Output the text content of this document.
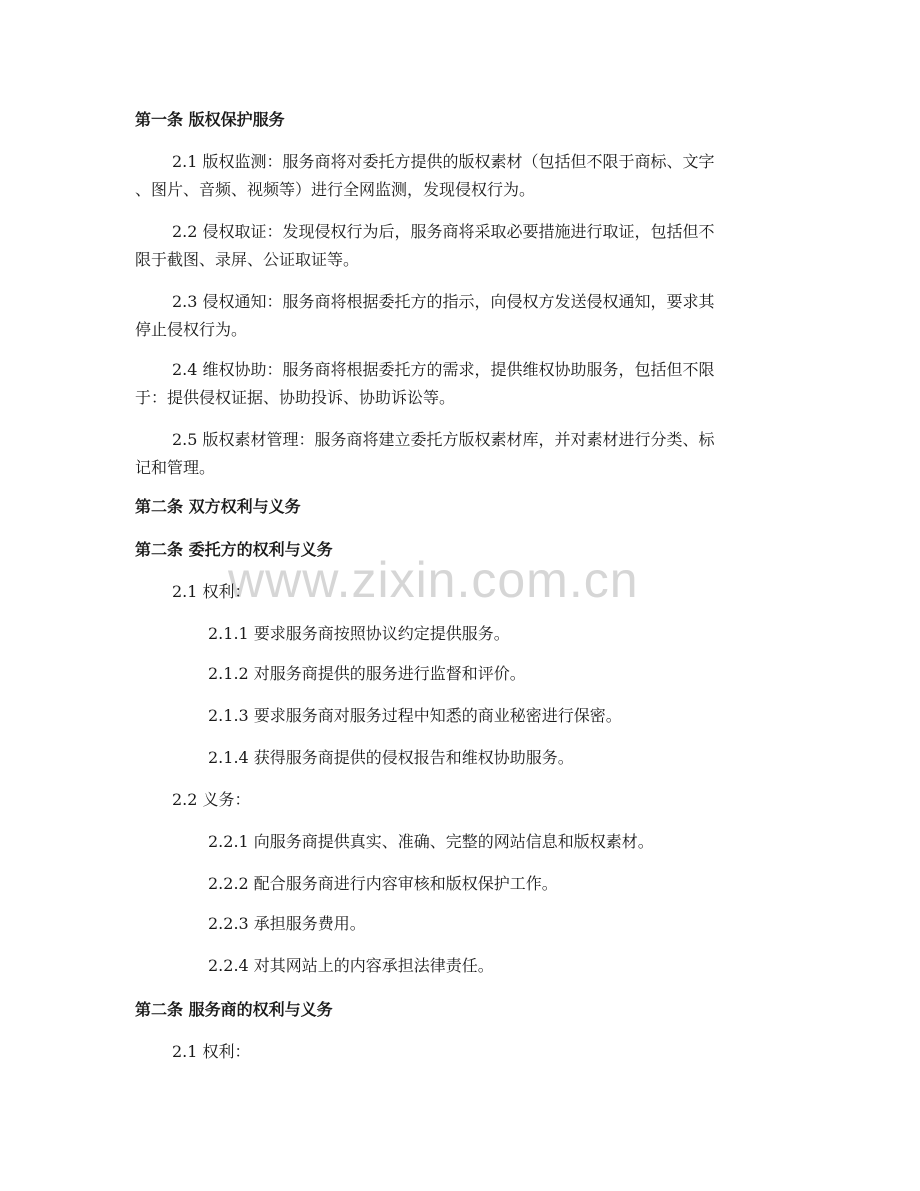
www.zixin.com.cn
第一条 版权保护服务
2.1 版权监测：服务商将对委托方提供的版权素材（包括但不限于商标、文字
、图片、音频、视频等）进行全网监测，发现侵权行为。
2.2 侵权取证：发现侵权行为后，服务商将采取必要措施进行取证，包括但不
限于截图、录屏、公证取证等。
2.3 侵权通知：服务商将根据委托方的指示，向侵权方发送侵权通知，要求其
停止侵权行为。
2.4 维权协助：服务商将根据委托方的需求，提供维权协助服务，包括但不限
于：提供侵权证据、协助投诉、协助诉讼等。
2.5 版权素材管理：服务商将建立委托方版权素材库，并对素材进行分类、标
记和管理。
第二条 双方权利与义务
第二条 委托方的权利与义务
2.1 权利：
2.1.1 要求服务商按照协议约定提供服务。
2.1.2 对服务商提供的服务进行监督和评价。
2.1.3 要求服务商对服务过程中知悉的商业秘密进行保密。
2.1.4 获得服务商提供的侵权报告和维权协助服务。
2.2 义务：
2.2.1 向服务商提供真实、准确、完整的网站信息和版权素材。
2.2.2 配合服务商进行内容审核和版权保护工作。
2.2.3 承担服务费用。
2.2.4 对其网站上的内容承担法律责任。
第二条 服务商的权利与义务
2.1 权利：
